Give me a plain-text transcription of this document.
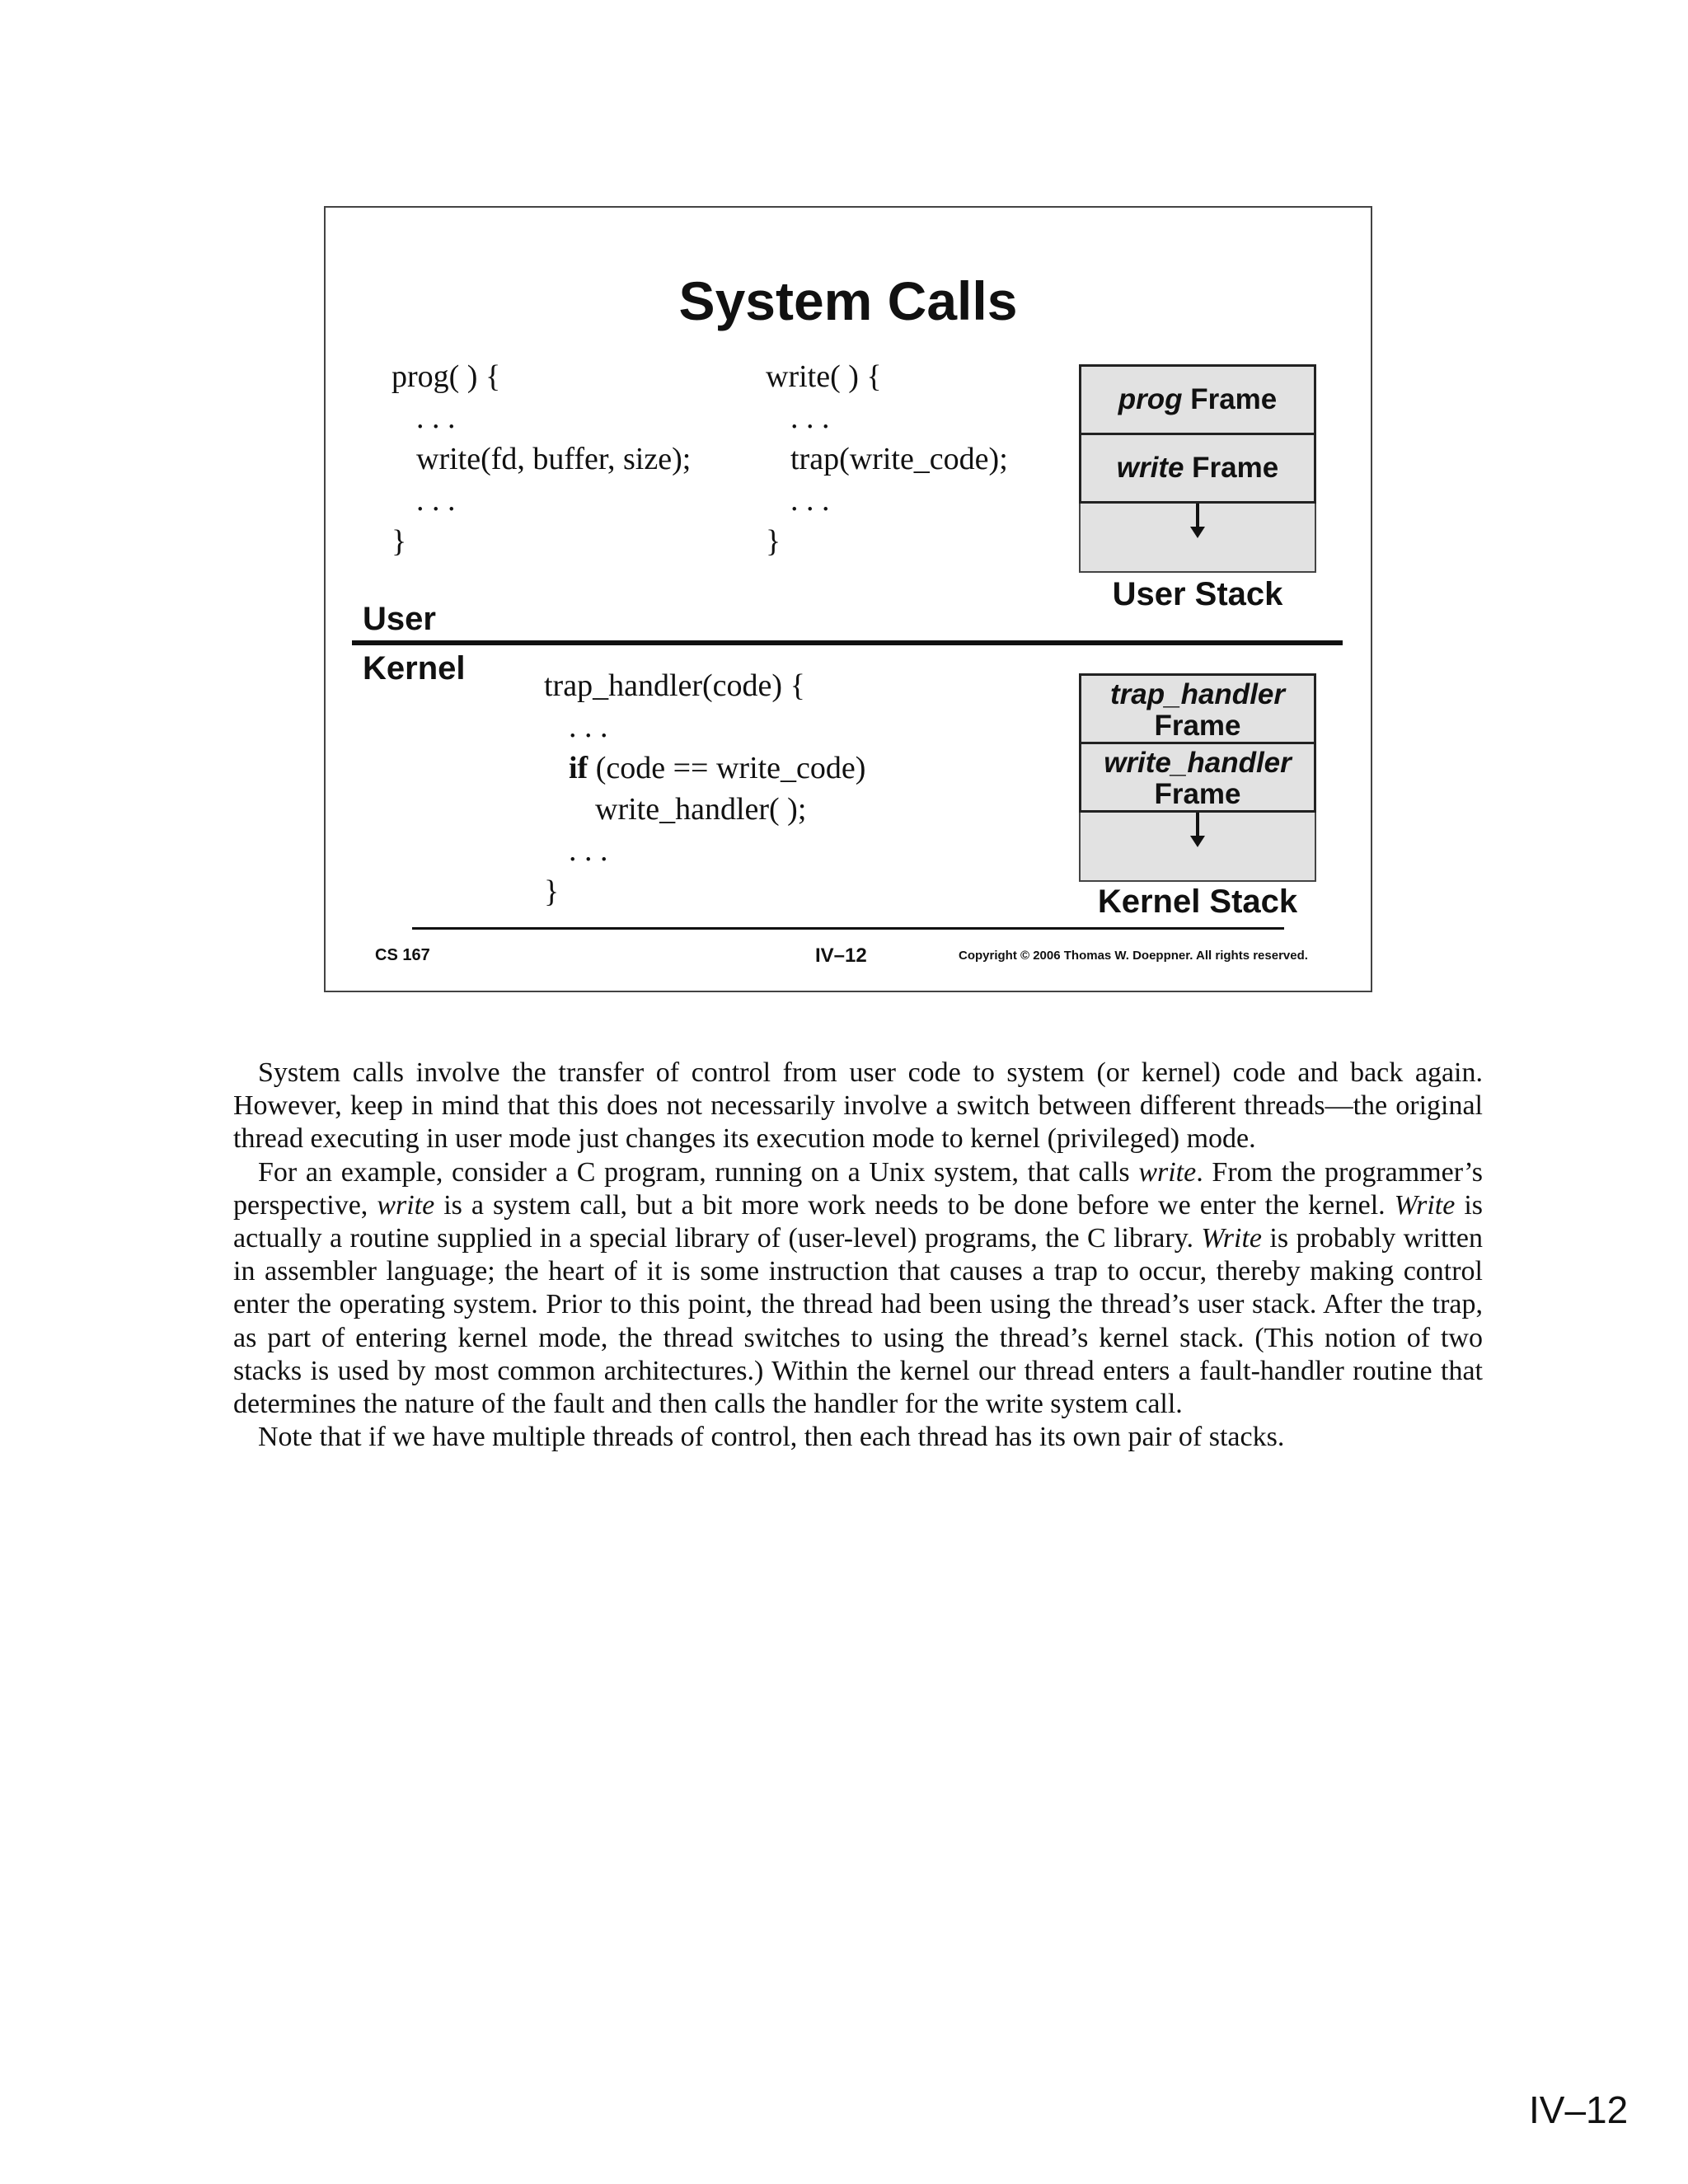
System Calls
prog( ) {
. . .
write(fd, buffer, size);
. . .
}
write( ) {
. . .
trap(write_code);
. . .
}
prog Frame
write Frame
User Stack
User
Kernel	trap_handler(code) {
. . .
if (code == write_code)
write_handler( );
. . .
}
trap_handler
Frame
write_handler
Frame
Kernel Stack
CS 167	IV–12	Copyright © 2006 Thomas W. Doeppner. All rights reserved.

System calls involve the transfer of control from user code to system (or kernel) code and back again. However, keep in mind that this does not necessarily involve a switch between different threads—the original thread executing in user mode just changes its execution mode to kernel (privileged) mode.

For an example, consider a C program, running on a Unix system, that calls write. From the programmer’s perspective, write is a system call, but a bit more work needs to be done before we enter the kernel. Write is actually a routine supplied in a special library of (user-level) programs, the C library. Write is probably written in assembler language; the heart of it is some instruction that causes a trap to occur, thereby making control enter the operating system. Prior to this point, the thread had been using the thread’s user stack. After the trap, as part of entering kernel mode, the thread switches to using the thread’s kernel stack. (This notion of two stacks is used by most common architectures.) Within the kernel our thread enters a fault-handler routine that determines the nature of the fault and then calls the handler for the write system call.

Note that if we have multiple threads of control, then each thread has its own pair of stacks.

IV–12
